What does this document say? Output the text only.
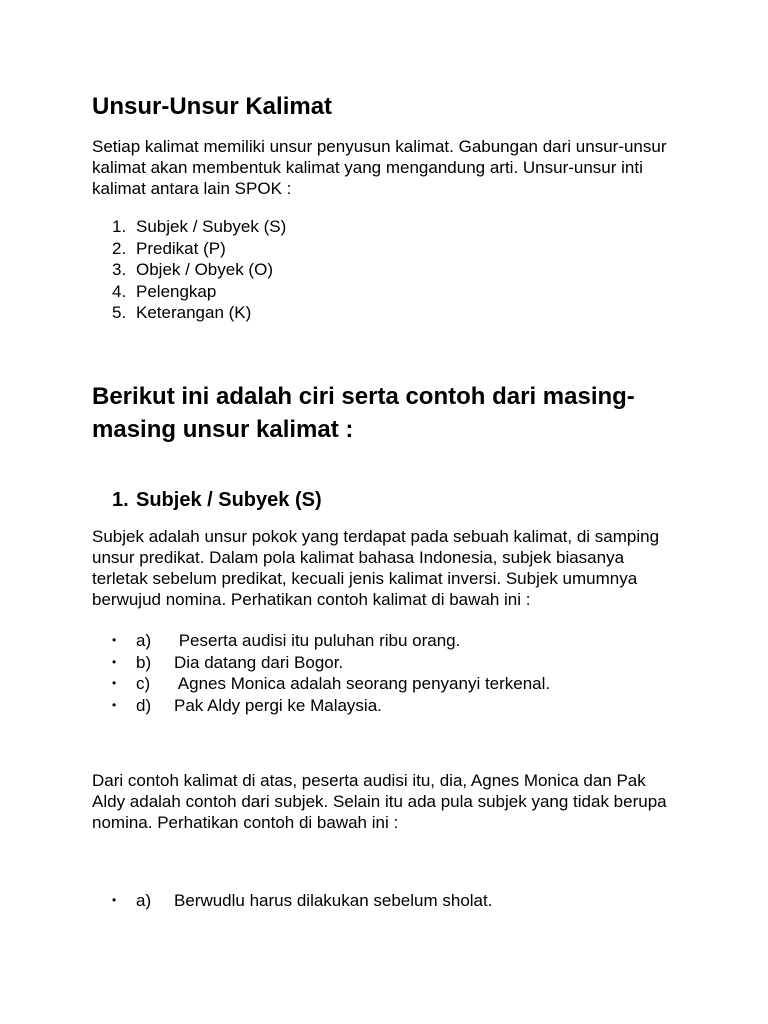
Unsur-Unsur Kalimat

Setiap kalimat memiliki unsur penyusun kalimat. Gabungan dari unsur-unsur kalimat akan membentuk kalimat yang mengandung arti. Unsur-unsur inti kalimat antara lain SPOK :

1. Subjek / Subyek (S)
2. Predikat (P)
3. Objek / Obyek (O)
4. Pelengkap
5. Keterangan (K)
Berikut ini adalah ciri serta contoh dari masing-masing unsur kalimat :
1. Subjek / Subyek (S)

Subjek adalah unsur pokok yang terdapat pada sebuah kalimat, di samping unsur predikat. Dalam pola kalimat bahasa Indonesia, subjek biasanya terletak sebelum predikat, kecuali jenis kalimat inversi. Subjek umumnya berwujud nomina. Perhatikan contoh kalimat di bawah ini :

•	a)	Peserta audisi itu puluhan ribu orang.
•	b)	Dia datang dari Bogor.
•	c)	Agnes Monica adalah seorang penyanyi terkenal.
•	d)	Pak Aldy pergi ke Malaysia.

Dari contoh kalimat di atas, peserta audisi itu, dia, Agnes Monica dan Pak Aldy adalah contoh dari subjek. Selain itu ada pula subjek yang tidak berupa nomina. Perhatikan contoh di bawah ini :

•	a)	Berwudlu harus dilakukan sebelum sholat.
